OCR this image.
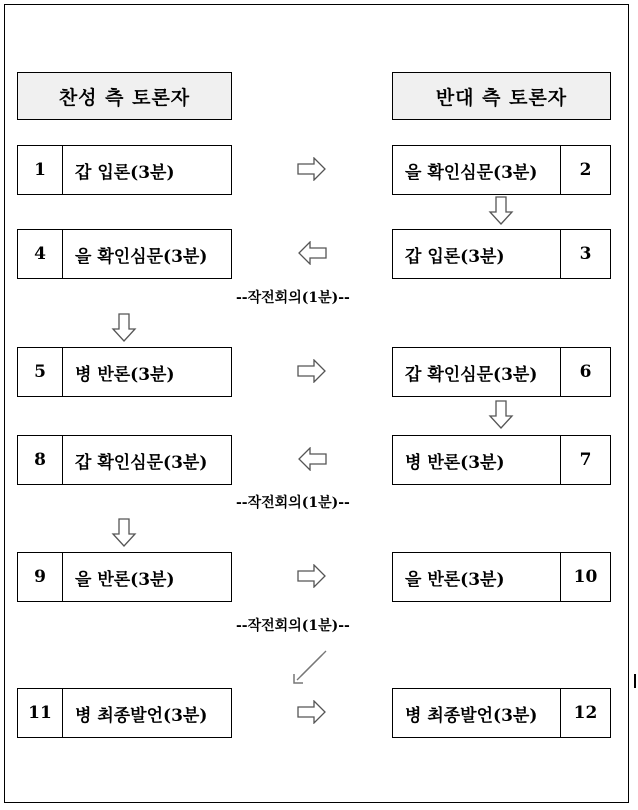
찬성 측 토론자	반대 측 토론자
1	갑 입론(3분)	을 확인심문(3분)	2
4	을 확인심문(3분)	갑 입론(3분)	3
--작전회의(1분)--
5	병 반론(3분)	갑 확인심문(3분)	6
8	갑 확인심문(3분)	병 반론(3분)	7
--작전회의(1분)--
9	을 반론(3분)	을 반론(3분)	10
--작전회의(1분)--
11	병 최종발언(3분)	병 최종발언(3분)	12
